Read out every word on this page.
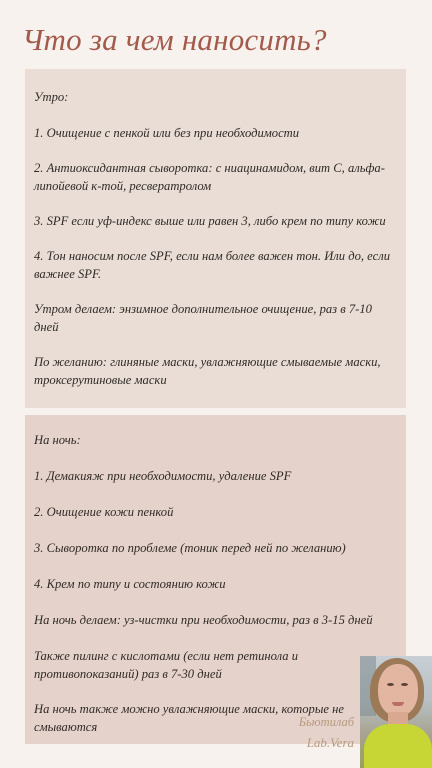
Что за чем наносить?

Утро:

1. Очищение с пенкой или без при необходимости

2. Антиоксидантная сыворотка: с ниацинамидом, вит С, альфа-липойевой к-той, ресвератролом

3. SPF если уф-индекс выше или равен 3, либо крем по типу кожи

4. Тон наносим после SPF, если нам более важен тон. Или до, если важнее SPF.

Утром делаем: энзимное дополнительное очищение, раз в 7-10 дней

По желанию: глиняные маски, увлажняющие смываемые маски, троксерутиновые маски

На ночь:

1. Демакияж при необходимости, удаление SPF

2. Очищение кожи пенкой

3. Сыворотка по проблеме (тоник перед ней по желанию)

4. Крем по типу и состоянию кожи

На ночь делаем: уз-чистки при необходимости, раз в 3-15 дней

Также пилинг с кислотами (если нет ретинола и противопоказаний) раз в 7-30 дней

На ночь также можно увлажняющие маски, которые не смываются	Бьютилаб
Lab.Vera
